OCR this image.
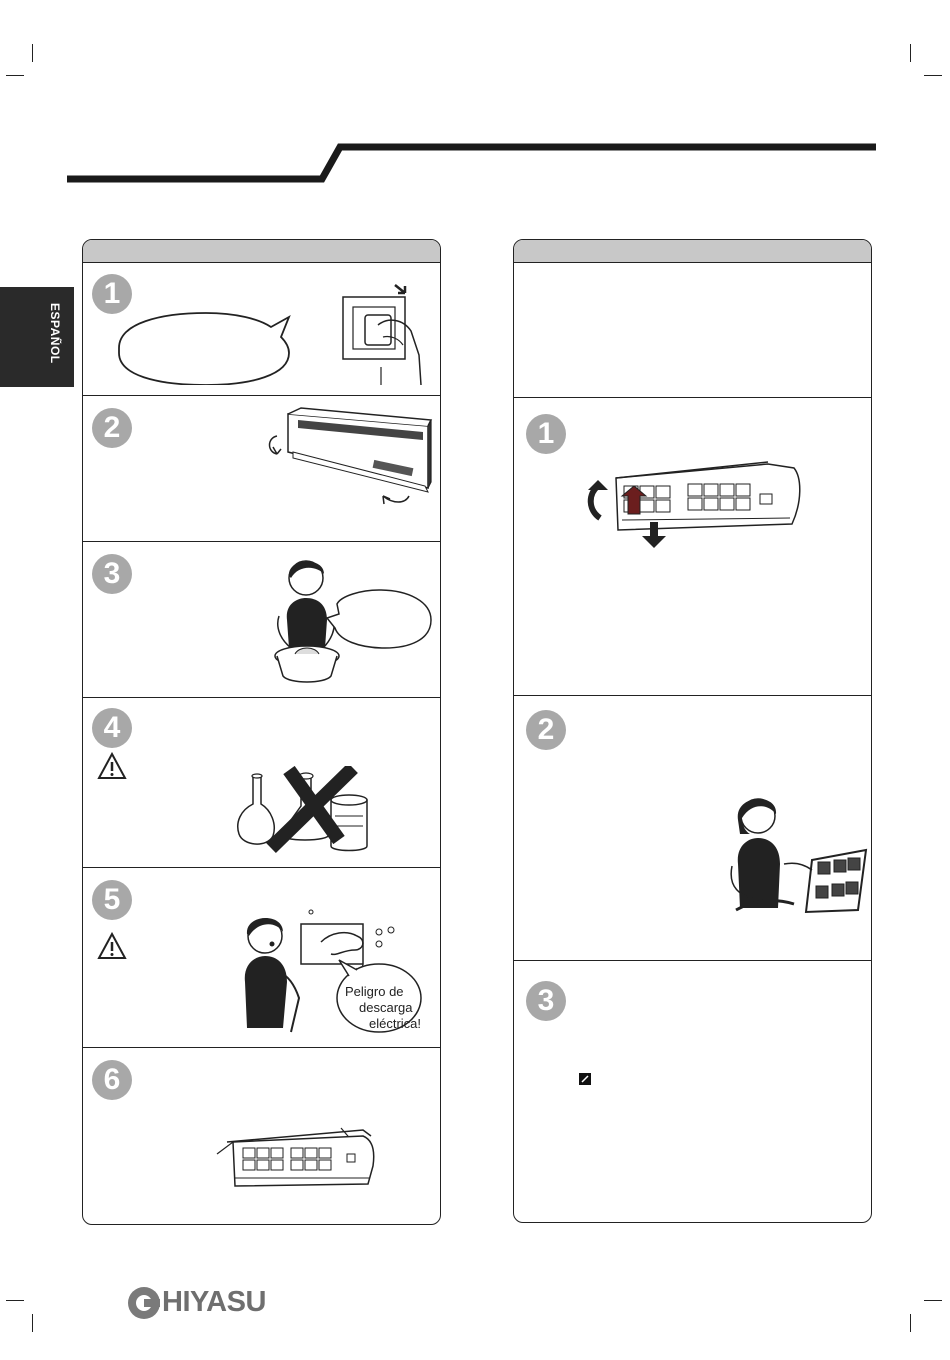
ESPAÑOL
1
2
3
4
5
Peligro de
descarga
eléctrica!
6
1
2
3
HIYASU
